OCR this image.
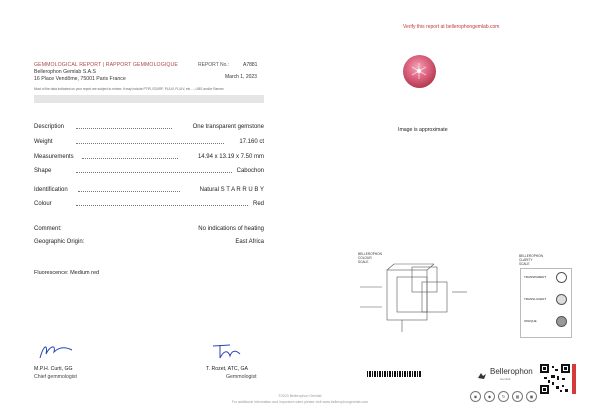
Verify this report at bellerophongemlab.com
GEMMOLOGICAL REPORT | RAPPORT GEMMOLOGIQUE
Bellerophon Gemlab S.A.S
16 Place Vendôme, 75001 Paris France
Most of the data indicated on your report are subject to review. It may include PTIR, EDXRF, PL/UV, FL/UV, etc ..., LIBS and/or Raman
REPORT No.:	A7881
March 1, 2023
Description	One transparent gemstone
Weight	17.160 ct
Measurements	14.94 x 13.19 x 7.50 mm
Shape	Cabochon
Identification	Natural S T A R R U B Y
Colour	Red
Comment:	No indications of heating
Geographic Origin:	East Africa
Fluorescence: Medium red
Image is approximate
BELLEROPHON
COLOUR
SCALE
BELLEROPHON
CLARITY
SCALE
TRANSPARENT
TRANSLUCENT
OPAQUE
M.P.H. Curti, GG
Chief gemmologist
T. Rozet, ATC, GA
Gemmologist
Bellerophon
Gemlab
◉	◆	↻	▦	▣
©2023 Bellerophon Gemlab
For additional information and important notes please visit www.bellerophongemlab.com
